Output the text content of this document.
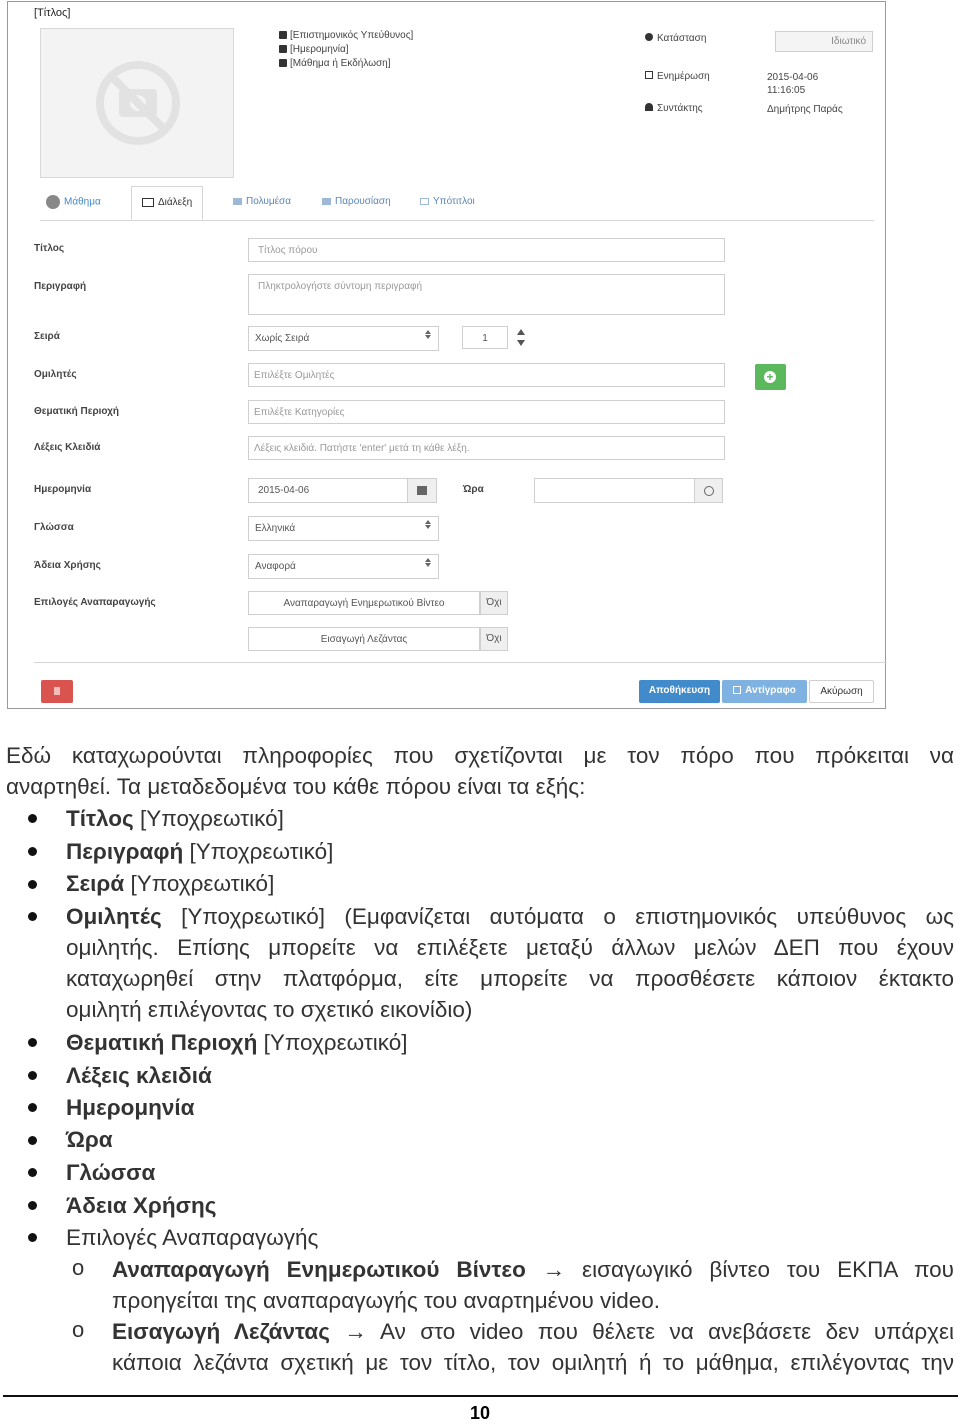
[Τίτλος]
[Επιστημονικός Υπεύθυνος]
[Ημερομηνία]
[Μάθημα ή Εκδήλωση]
Κατάσταση	Ιδιωτικό
Ενημέρωση	2015-04-06 11:16:05
Συντάκτης	Δημήτρης Παράς
Μάθημα	Διάλεξη	Πολυμέσα	Παρουσίαση	Υπότιτλοι
Τίτλος	Τίτλος πόρου
Περιγραφή	Πληκτρολογήστε σύντομη περιγραφή
Σειρά	Χωρίς Σειρά	1
Ομιλητές	Επιλέξτε Ομιλητές
+
Θεματική Περιοχή	Επιλέξτε Κατηγορίες
Λέξεις Κλειδιά	Λέξεις κλειδιά. Πατήστε 'enter' μετά τη κάθε λέξη.
Ημερομηνία	2015-04-06	Ώρα
Γλώσσα	Ελληνικά
Άδεια Χρήσης	Αναφορά
Επιλογές Αναπαραγωγής	Αναπαραγωγή Ενημερωτικού Βίντεο	Όχι
Εισαγωγή Λεζάντας	Όχι
Αποθήκευση	Αντίγραφο	Ακύρωση
Εδώ καταχωρούνται πληροφορίες που σχετίζονται με τον πόρο που πρόκειται να
αναρτηθεί. Τα μεταδεδομένα του κάθε πόρου είναι τα εξής:
Τίτλος [Υποχρεωτικό]
Περιγραφή [Υποχρεωτικό]
Σειρά [Υποχρεωτικό]
Ομιλητές [Υποχρεωτικό] (Εμφανίζεται αυτόματα ο επιστημονικός υπεύθυνος ως
ομιλητής. Επίσης μπορείτε να επιλέξετε μεταξύ άλλων μελών ΔΕΠ που έχουν
καταχωρηθεί στην πλατφόρμα, είτε μπορείτε να προσθέσετε κάποιον έκτακτο
ομιλητή επιλέγοντας το σχετικό εικονίδιο)
Θεματική Περιοχή [Υποχρεωτικό]
Λέξεις κλειδιά
Ημερομηνία
Ώρα
Γλώσσα
Άδεια Χρήσης
Επιλογές Αναπαραγωγής
o Αναπαραγωγή Ενημερωτικού Βίντεο → εισαγωγικό βίντεο του ΕΚΠΑ που
προηγείται της αναπαραγωγής του αναρτημένου video.
o Εισαγωγή Λεζάντας → Αν στο video που θέλετε να ανεβάσετε δεν υπάρχει
κάποια λεζάντα σχετική με τον τίτλο, τον ομιλητή ή το μάθημα, επιλέγοντας την
10
